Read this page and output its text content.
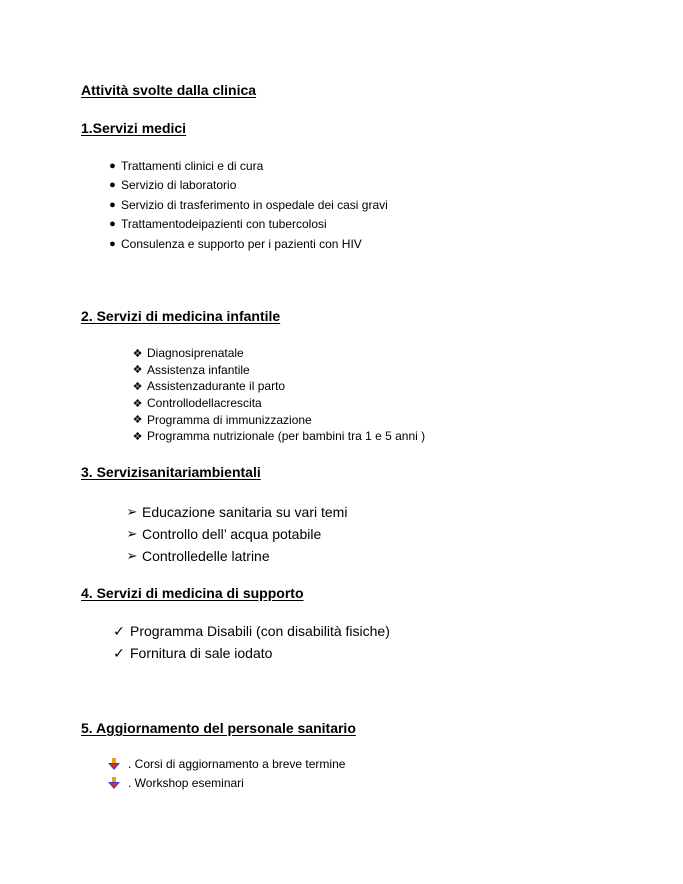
Attività svolte dalla clinica
1.Servizi medici
● Trattamenti clinici e di cura
● Servizio di laboratorio
● Servizio di trasferimento in ospedale dei casi gravi
● Trattamentodeipazienti con tubercolosi
● Consulenza e supporto per i pazienti con HIV
2. Servizi di medicina infantile
❖ Diagnosiprenatale
❖ Assistenza infantile
❖ Assistenzadurante il parto
❖ Controllodellacrescita
❖ Programma di immunizzazione
❖ Programma nutrizionale (per bambini tra 1 e 5 anni )
3. Servizisanitariambientali
➢ Educazione sanitaria su vari temi
➢ Controllo dell’ acqua potabile
➢ Controlledelle latrine
4. Servizi di medicina di supporto
✓ Programma Disabili (con disabilità fisiche)
✓ Fornitura di sale iodato
5. Aggiornamento del personale sanitario
. Corsi di aggiornamento a breve termine
. Workshop eseminari
